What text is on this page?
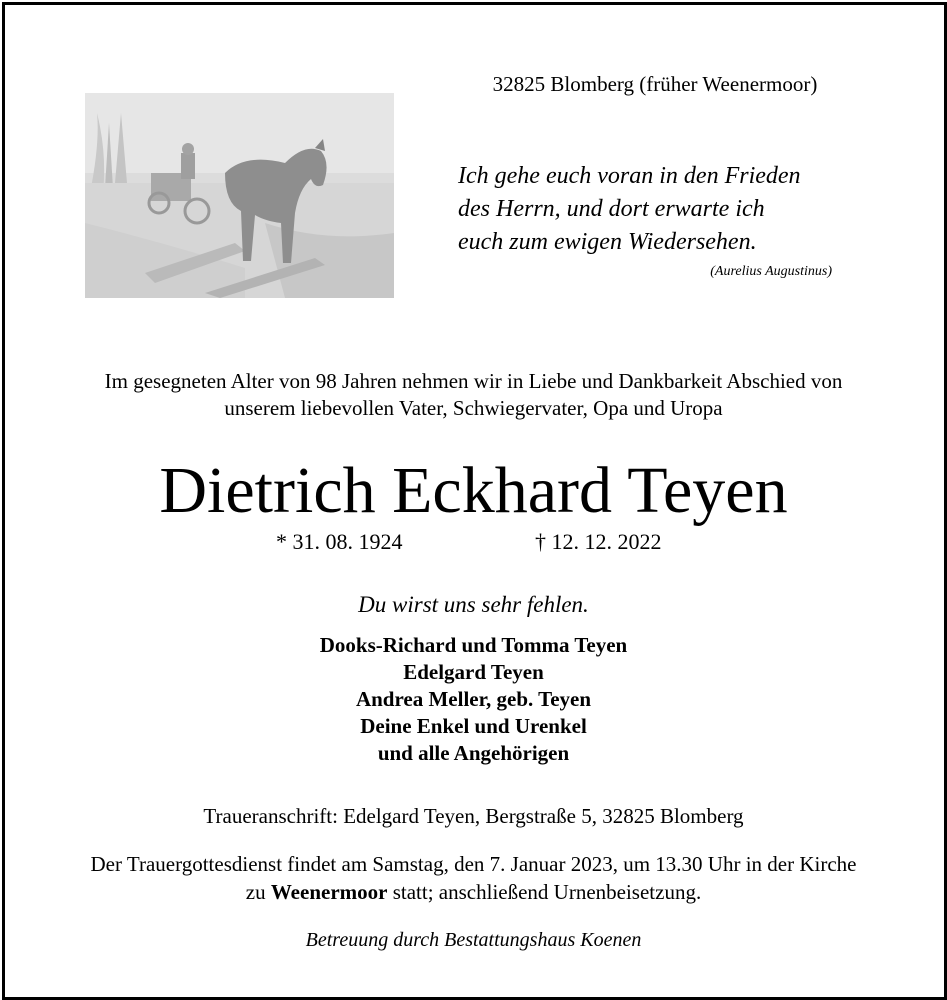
32825 Blomberg (früher Weenermoor)
Ich gehe euch voran in den Frieden
des Herrn, und dort erwarte ich
euch zum ewigen Wiedersehen.
(Aurelius Augustinus)
Im gesegneten Alter von 98 Jahren nehmen wir in Liebe und Dankbarkeit Abschied von
unserem liebevollen Vater, Schwiegervater, Opa und Uropa
Dietrich Eckhard Teyen
* 31. 08. 1924	† 12. 12. 2022
Du wirst uns sehr fehlen.
Dooks-Richard und Tomma Teyen
Edelgard Teyen
Andrea Meller, geb. Teyen
Deine Enkel und Urenkel
und alle Angehörigen
Traueranschrift: Edelgard Teyen, Bergstraße 5, 32825 Blomberg
Der Trauergottesdienst findet am Samstag, den 7. Januar 2023, um 13.30 Uhr in der Kirche
zu Weenermoor statt; anschließend Urnenbeisetzung.
Betreuung durch Bestattungshaus Koenen
